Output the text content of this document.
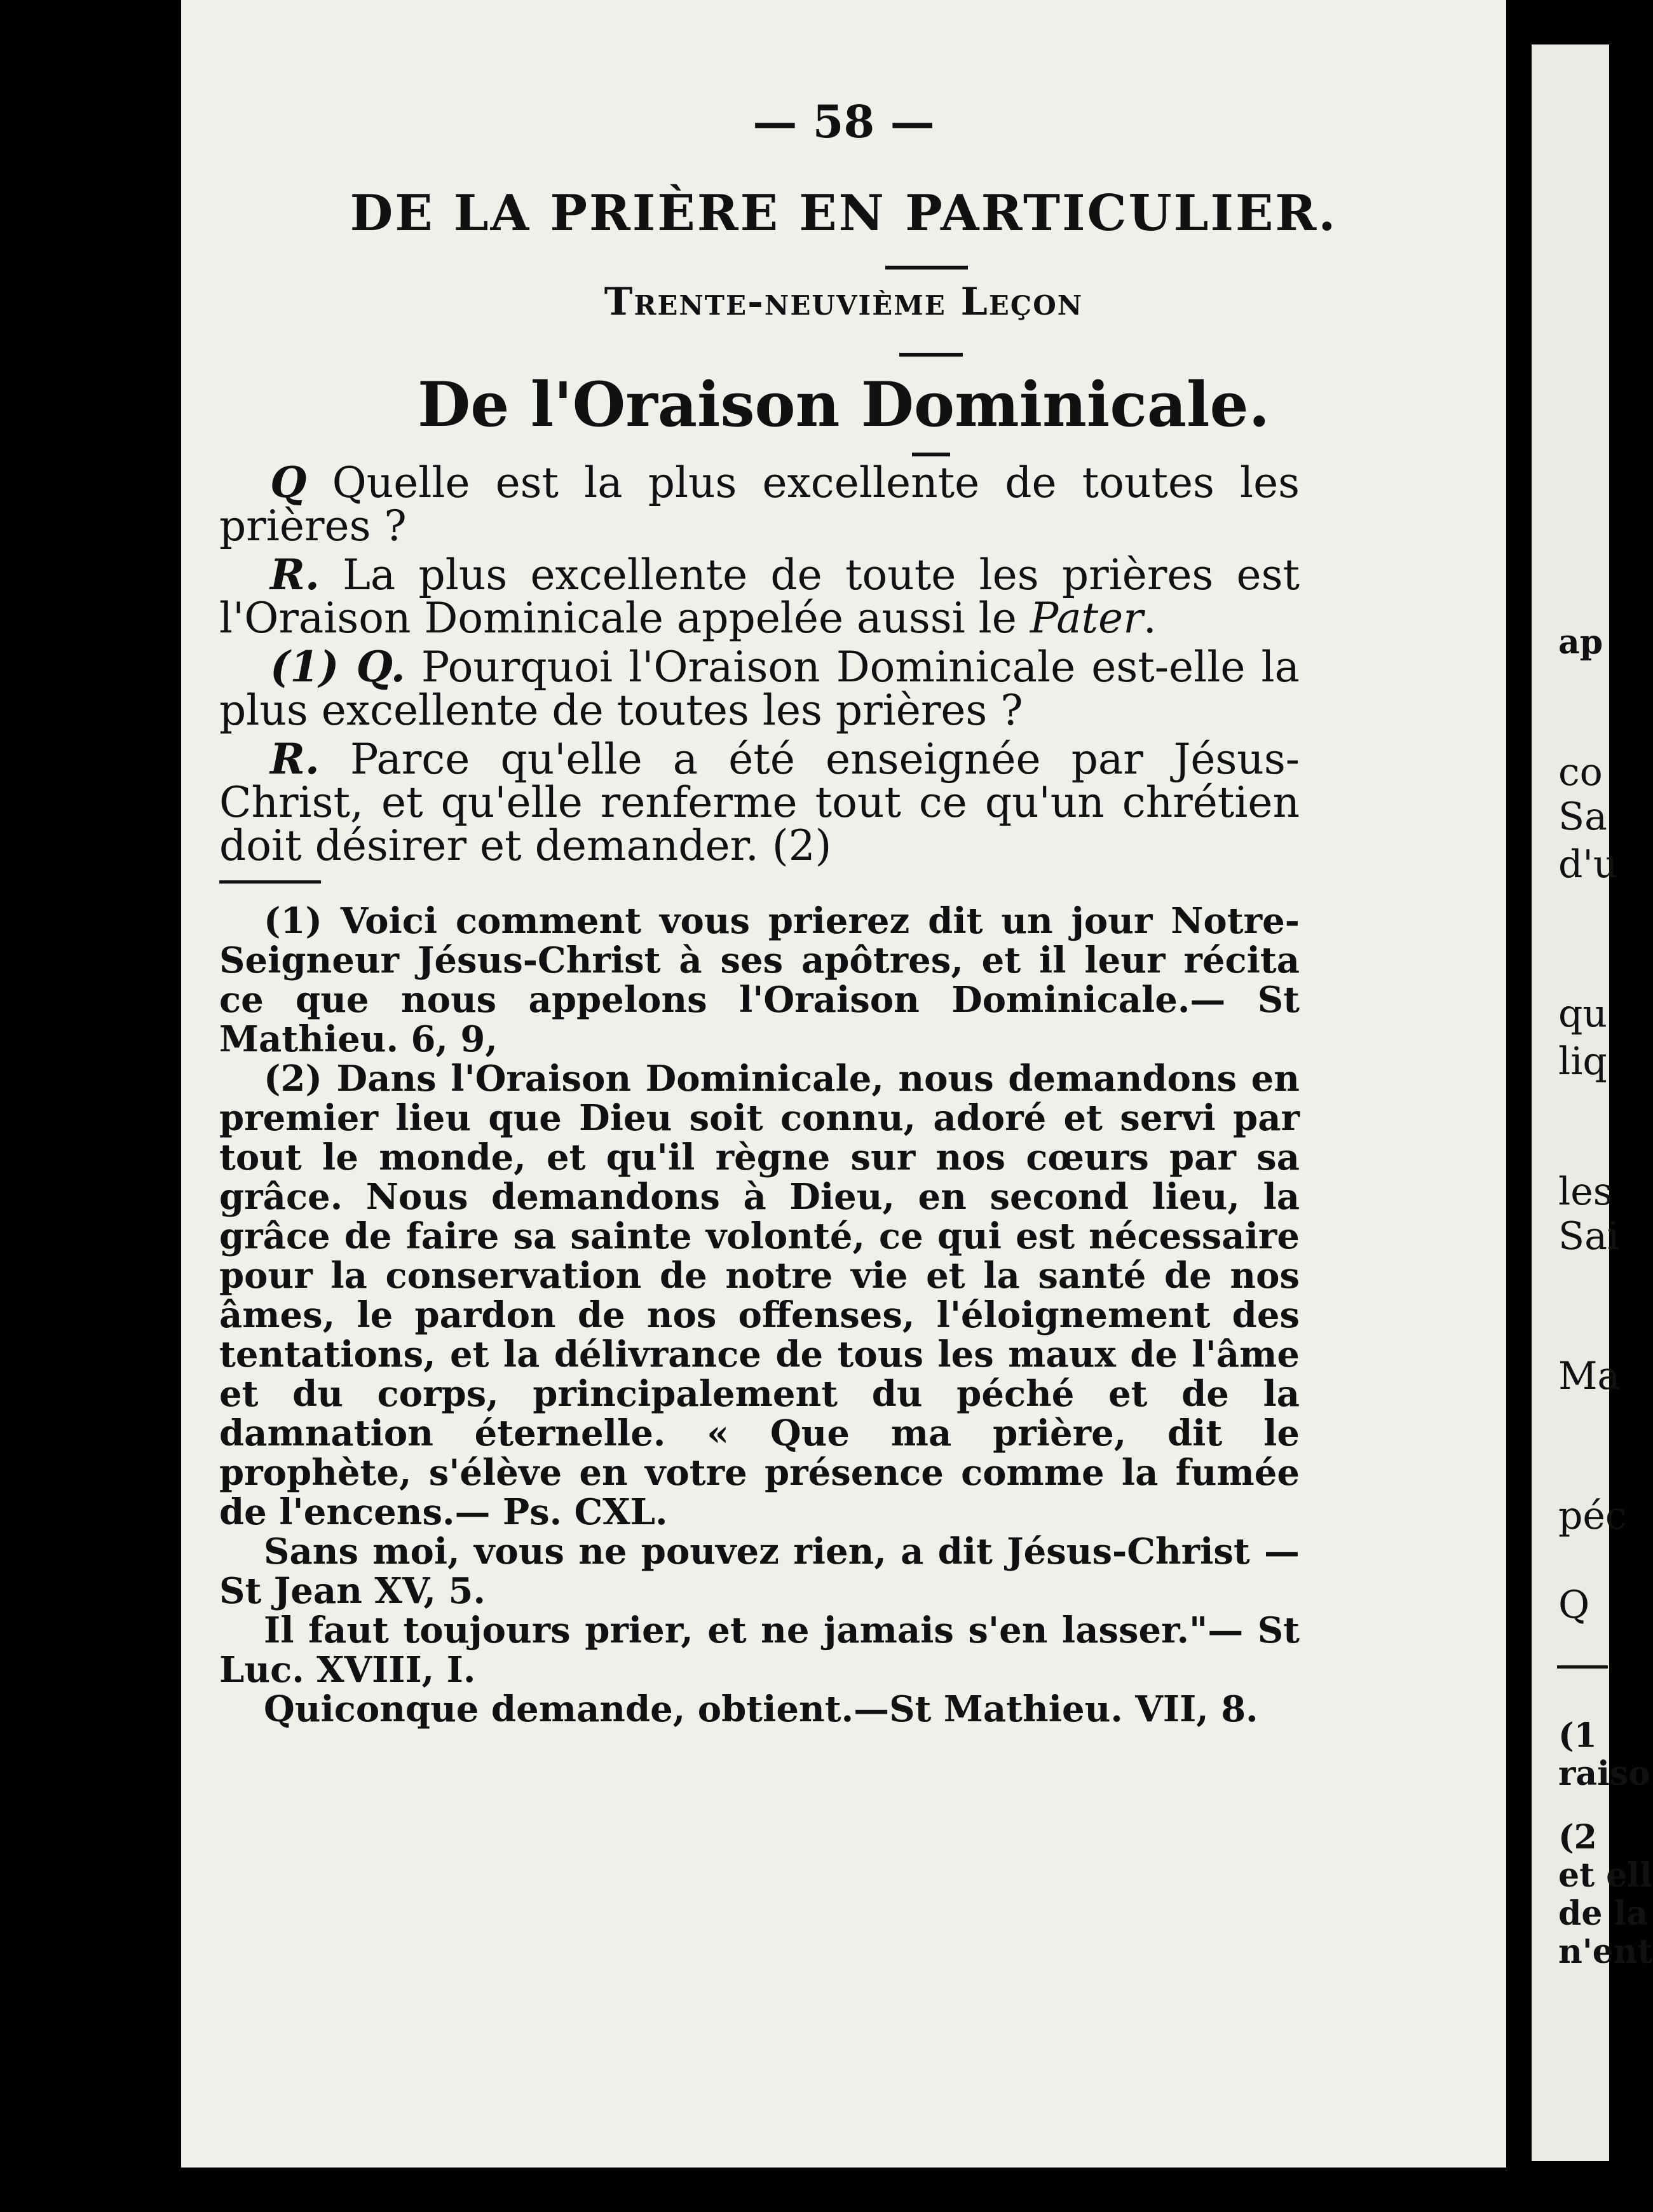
— 58 —
DE LA PRIÈRE EN PARTICULIER.
Trente-neuvième Leçon
De l'Oraison Dominicale.

Q Quelle est la plus excellente de toutes les prières ?

R. La plus excellente de toute les prières est l'Oraison Dominicale appelée aussi le Pater.

(1) Q. Pourquoi l'Oraison Dominicale est-elle la plus excellente de toutes les prières ?

R. Parce qu'elle a été enseignée par Jésus-Christ, et qu'elle renferme tout ce qu'un chrétien doit désirer et demander. (2)

(1) Voici comment vous prierez dit un jour Notre-Seigneur Jésus-Christ à ses apôtres, et il leur récita ce que nous appelons l'Oraison Dominicale.— St Mathieu. 6, 9,

(2) Dans l'Oraison Dominicale, nous demandons en premier lieu que Dieu soit connu, adoré et servi par tout le monde, et qu'il règne sur nos cœurs par sa grâce. Nous demandons à Dieu, en second lieu, la grâce de faire sa sainte volonté, ce qui est nécessaire pour la conservation de notre vie et la santé de nos âmes, le pardon de nos offenses, l'éloignement des tentations, et la délivrance de tous les maux de l'âme et du corps, principalement du péché et de la damnation éternelle. « Que ma prière, dit le prophète, s'élève en votre présence comme la fumée de l'encens.— Ps. CXL.

Sans moi, vous ne pouvez rien, a dit Jésus-Christ —St Jean XV, 5.

Il faut toujours prier, et ne jamais s'en lasser."— St Luc. XVIII, I.

Quiconque demande, obtient.—St Mathieu. VII, 8.

ap
co
Sa
d'u
qu
liq
les
Sai
Ma
péc
Q
(1
raiso
(2
et ell
de la
n'ent
